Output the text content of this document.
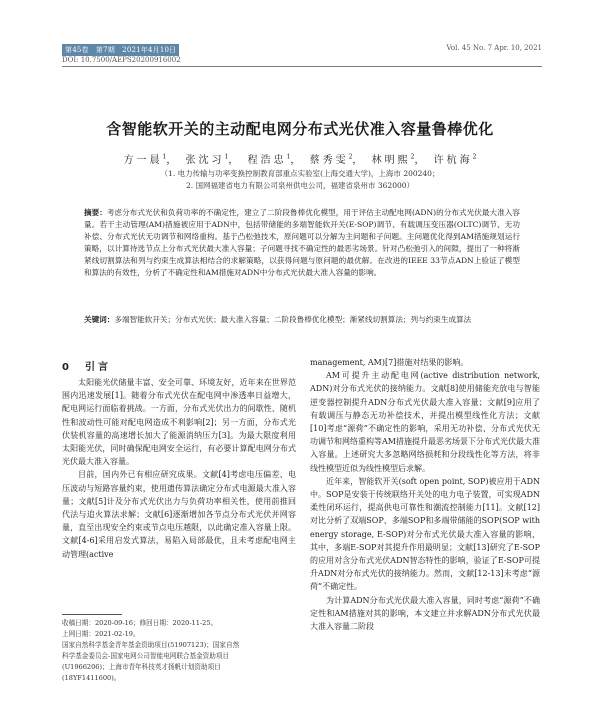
第45卷　第7期　2021年4月10日	Vol. 45 No. 7 Apr. 10, 2021
DOI: 10.7500/AEPS20200916002
含智能软开关的主动配电网分布式光伏准入容量鲁棒优化
方一晨$^1$， 张沈习$^1$， 程浩忠$^1$， 蔡秀雯$^2$， 林明熙$^2$， 许杭海$^2$
（1. 电力传输与功率变换控制教育部重点实验室(上海交通大学)，上海市 200240；
2. 国网福建省电力有限公司泉州供电公司，福建省泉州市 362000）
摘要：考虑分布式光伏和负荷功率的不确定性，建立了二阶段鲁棒优化模型，用于评估主动配电网(ADN)的分布式光伏最大准入容量。若干主动管理(AM)措施被应用于ADN中，包括带储能的多端智能软开关(E-SOP)调节、有载调压变压器(OLTC)调节、无功补偿、分布式光伏无功调节和网络重构。基于凸松弛技术，原问题可以分解为主问题和子问题。主问题优化得到AM措施规划运行策略，以计算待选节点上分布式光伏最大准入容量；子问题寻找不确定性的最恶劣场景。针对凸松弛引入的间隙，提出了一种将渐紧线切割算法和列与约束生成算法相结合的求解策略，以获得问题与原问题的最优解。在改进的IEEE 33节点ADN上验证了模型和算法的有效性，分析了不确定性和AM措施对ADN中分布式光伏最大准入容量的影响。
关键词：多端智能软开关；分布式光伏；最大准入容量；二阶段鲁棒优化模型；渐紧线切割算法；列与约束生成算法
0　引言

太阳能光伏储量丰富、安全可靠、环境友好，近年来在世界范围内迅速发展[1]。随着分布式光伏在配电网中渗透率日益增大，配电网运行面临着挑战。一方面，分布式光伏出力的间歇性、随机性和波动性可能对配电网造成不利影响[2]；另一方面，分布式光伏装机容量的高速增长加大了能源消纳压力[3]。为最大限度利用太阳能光伏，同时确保配电网安全运行，有必要计算配电网分布式光伏最大准入容量。

目前，国内外已有相应研究成果。文献[4]考虑电压偏差、电压波动与短路容量约束，使用遗传算法确定分布式电源最大准入容量；文献[5]计及分布式光伏出力与负荷功率相关性，使用前推回代法与追火算法求解；文献[6]逐渐增加各节点分布式光伏并网容量，直至出现安全约束或节点电压越限，以此确定准入容量上限。文献[4-6]采用启发式算法，易陷入局部最优，且未考虑配电网主动管理(active

management, AM)[7]措施对结果的影响。

AM可提升主动配电网(active distribution network, ADN)对分布式光伏的接纳能力。文献[8]使用储能充放电与智能逆变器控制提升ADN分布式光伏最大准入容量；文献[9]应用了有载调压与静态无功补偿技术，并提出模型线性化方法；文献[10]考虑“源荷”不确定性的影响，采用无功补偿、分布式光伏无功调节和网络重构等AM措施提升最恶劣场景下分布式光伏最大准入容量。上述研究大多忽略网络损耗和分段线性化等方法，将非线性模型近似为线性模型后求解。

近年来，智能软开关(soft open point, SOP)被应用于ADN中。SOP是安装于传统联络开关处的电力电子装置，可实现ADN柔性闭环运行，提高供电可靠性和潮流控制能力[11]。文献[12]对比分析了双端SOP、多端SOP和多端带储能的SOP(SOP with energy storage, E-SOP)对分布式光伏最大准入容量的影响，其中，多端E-SOP对其提升作用最明显；文献[13]研究了E-SOP的应用对含分布式光伏ADN智态特性的影响，验证了E-SOP可提升ADN对分布式光伏的接纳能力。然而，文献[12-13]未考虑“源荷”不确定性。

为计算ADN分布式光伏最大准入容量，同时考虑“源荷”不确定性和AM措施对其的影响，本文建立并求解ADN分布式光伏最大准入容量二阶段

收稿日期：2020-09-16；修回日期：2020-11-25。
上网日期：2021-02-19。
国家自然科学基金青年基金资助项目(51907123)；国家自然
科学基金委员会-国家电网公司智能电网联合基金资助项目
(U1966206)；上海市青年科技英才扬帆计划资助项目
(18YF1411600)。
